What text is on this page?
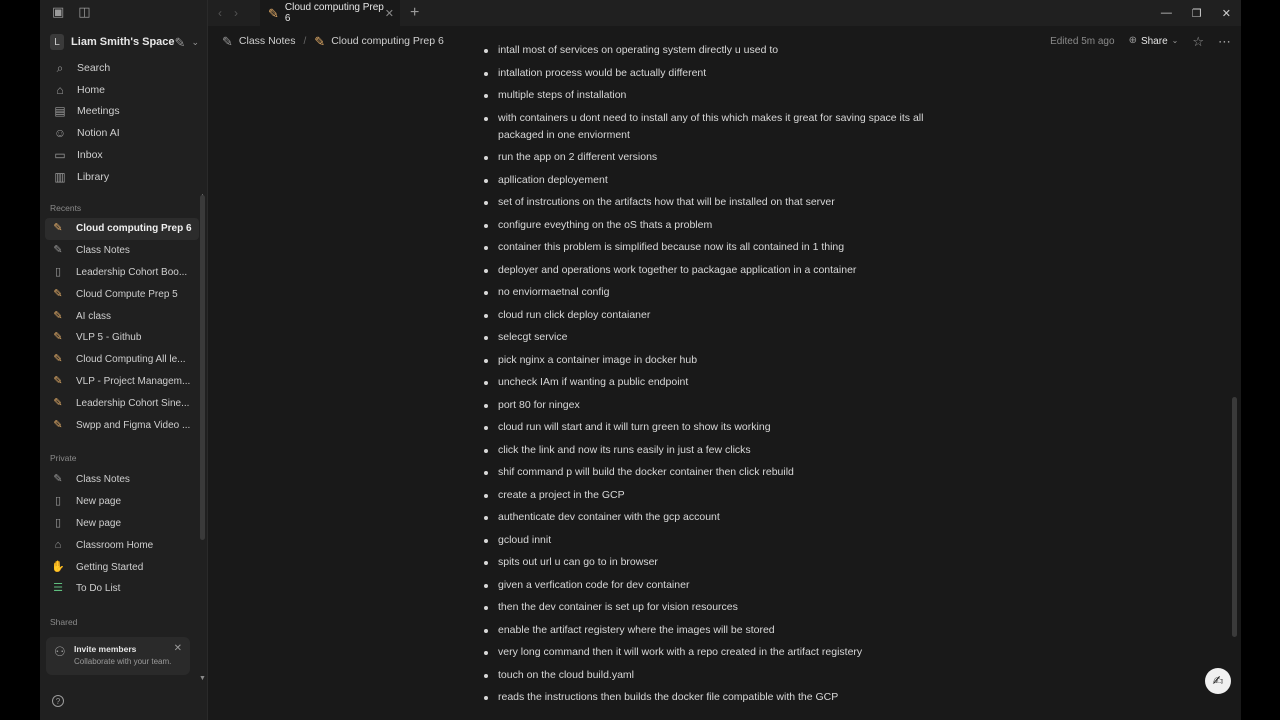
▣ ◫
L	Liam Smith's Space ✎ ⌄
⌕	Search
⌂	Home
▤ Meetings
☺ Notion AI
▭ Inbox
▥ Library
Recents
✎ Cloud computing Prep 6
✎ Class Notes
▯	Leadership Cohort Boo...
✎ Cloud Compute Prep 5
✎ AI class
✎ VLP 5 - Github
✎ Cloud Computing All le...
✎ VLP - Project Managem...
✎ Leadership Cohort Sine...
✎ Swpp and Figma Video ...
Private
✎ Class Notes
▯	New page
▯	New page
⌂	Classroom Home
✋ Getting Started
☰ To Do List
Shared
⚇	✕
Invite members
Collaborate with your team.
▼
?
‹ › ✎ Cloud computing Prep 6	✕ +	— ❐ ✕
✎ Class Notes / ✎ Cloud computing Prep 6	Edited 5m ago ⊕ Share ⌄ ☆ ⋯
intall most of services on operating system directly u used to
intallation process would be actually different
multiple steps of installation
with containers u dont need to install any of this which makes it great for saving space its all packaged in one enviorment
run the app on 2 different versions
apllication deployement
set of instrcutions on the artifacts how that will be installed on that server
configure eveything on the oS thats a problem
container this problem is simplified because now its all contained in 1 thing
deployer and operations work together to packagae application in a container
no enviormaetnal config
cloud run click deploy contaianer
selecgt service
pick nginx a container image in docker hub
uncheck IAm if wanting a public endpoint
port 80 for ningex
cloud run will start and it will turn green to show its working
click the link and now its runs easily in just a few clicks
shif command p will build the docker container then click rebuild
create a project in the GCP
authenticate dev container with the gcp account
gcloud innit
spits out url u can go to in browser
given a verfication code for dev container
then the dev container is set up for vision resources
enable the artifact registery where the images will be stored
very long command then it will work with a repo created in the artifact registery
touch on the cloud build.yaml
reads the instructions then builds the docker file compatible with the GCP
✍
